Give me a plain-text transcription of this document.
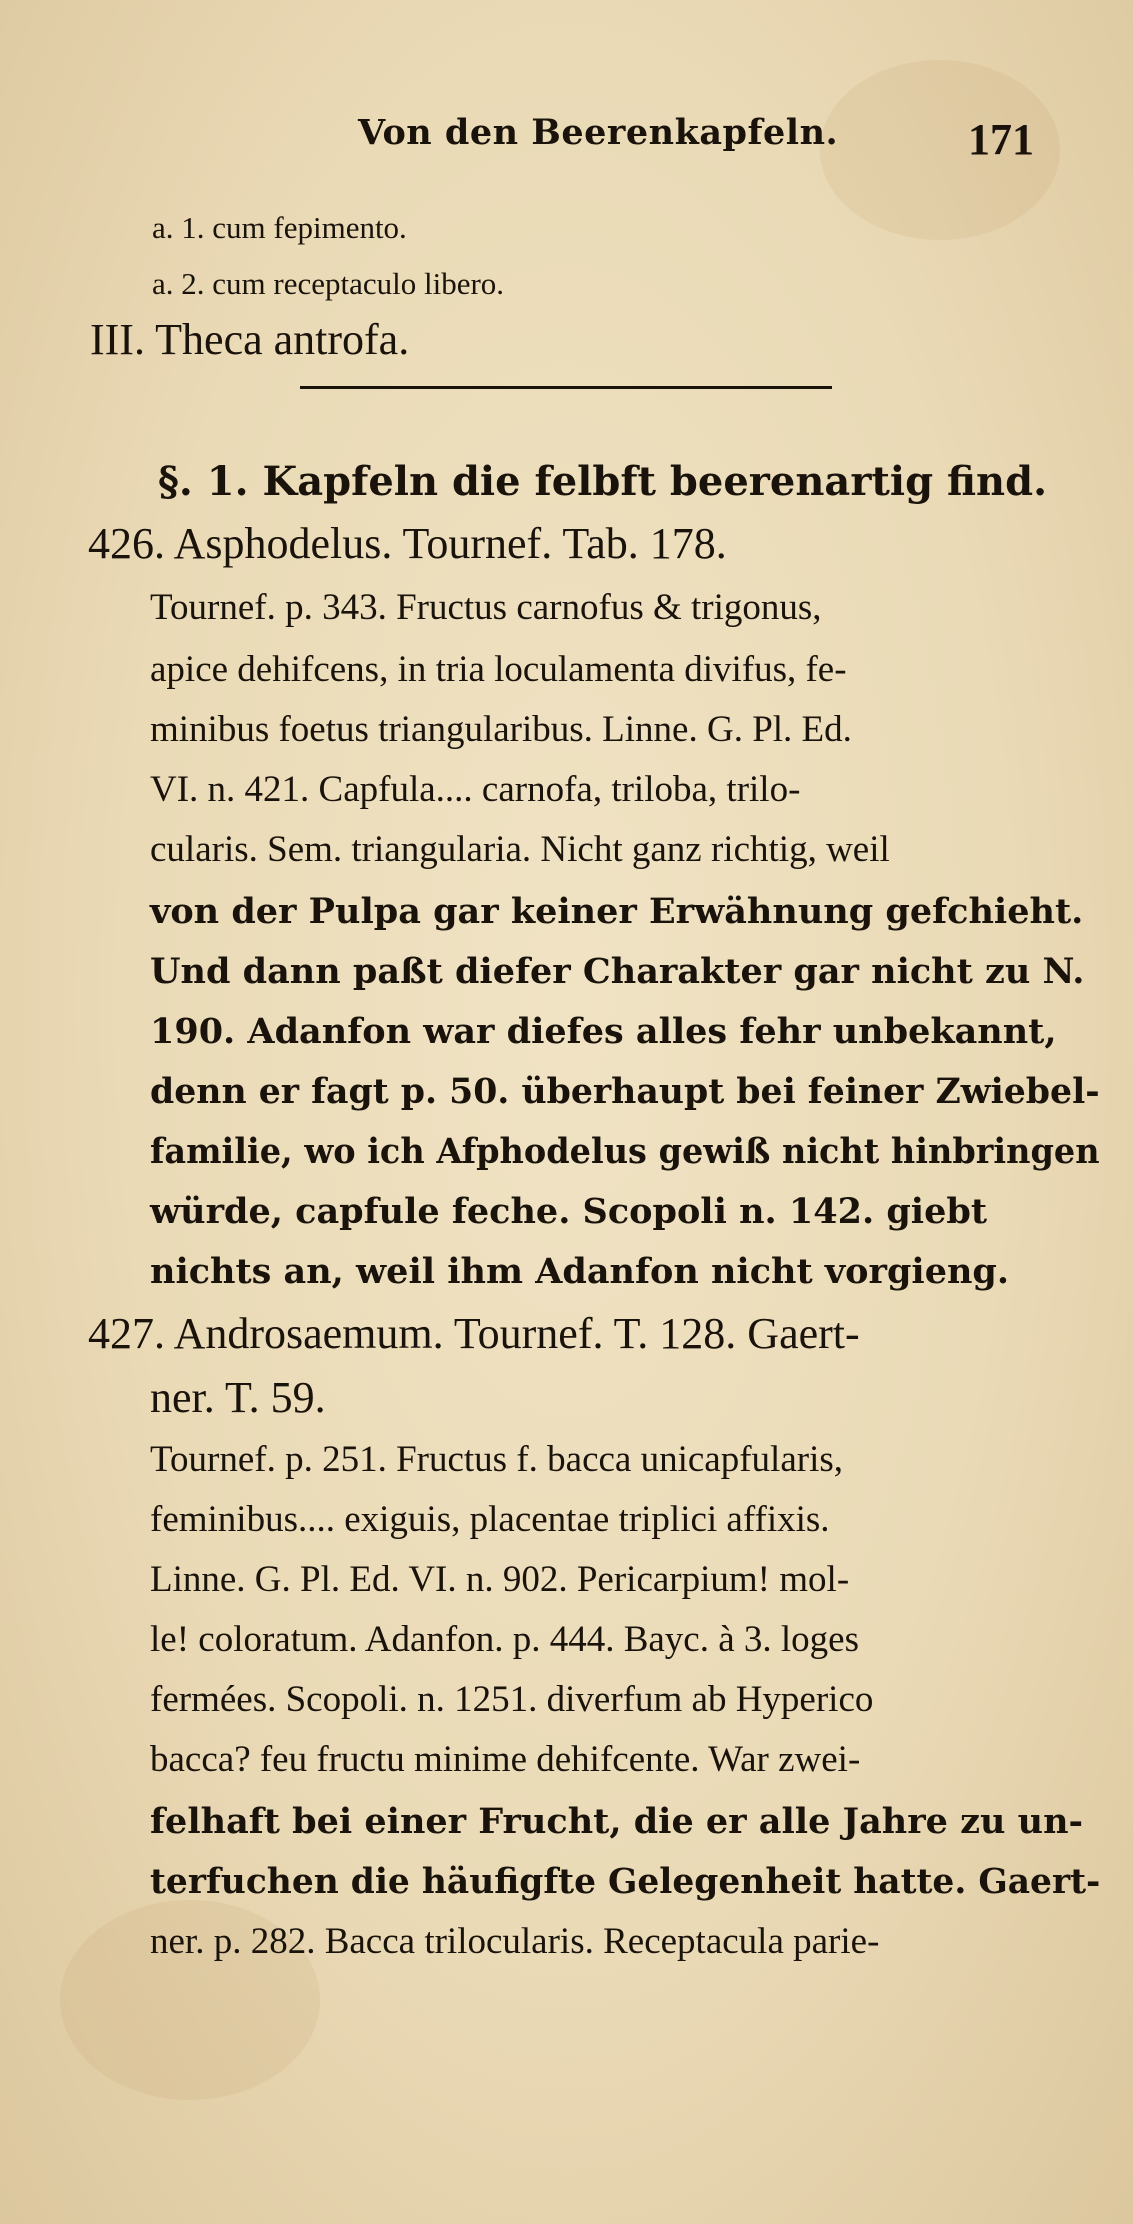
Von den Beerenkapfeln.	171
a. 1. cum fepimento.
a. 2. cum receptaculo libero.
III. Theca antrofa.
§. 1. Kapfeln die felbft beerenartig find.
426. Asphodelus. Tournef. Tab. 178.
Tournef. p. 343. Fructus carnofus & trigonus,
apice dehifcens, in tria loculamenta divifus, fe-
minibus foetus triangularibus. Linne. G. Pl. Ed.
VI. n. 421. Capfula.... carnofa, triloba, trilo-
cularis. Sem. triangularia. Nicht ganz richtig, weil
von der Pulpa gar keiner Erwähnung gefchieht.
Und dann paßt diefer Charakter gar nicht zu N.
190. Adanfon war diefes alles fehr unbekannt,
denn er fagt p. 50. überhaupt bei feiner Zwiebel-
familie, wo ich Afphodelus gewiß nicht hinbringen
würde, capfule feche. Scopoli n. 142. giebt
nichts an, weil ihm Adanfon nicht vorgieng.
427. Androsaemum. Tournef. T. 128. Gaert-
ner. T. 59.
Tournef. p. 251. Fructus f. bacca unicapfularis,
feminibus.... exiguis, placentae triplici affixis.
Linne. G. Pl. Ed. VI. n. 902. Pericarpium! mol-
le! coloratum. Adanfon. p. 444. Bayc. à 3. loges
fermées. Scopoli. n. 1251. diverfum ab Hyperico
bacca? feu fructu minime dehifcente. War zwei-
felhaft bei einer Frucht, die er alle Jahre zu un-
terfuchen die häufigfte Gelegenheit hatte. Gaert-
ner. p. 282. Bacca trilocularis. Receptacula parie-
